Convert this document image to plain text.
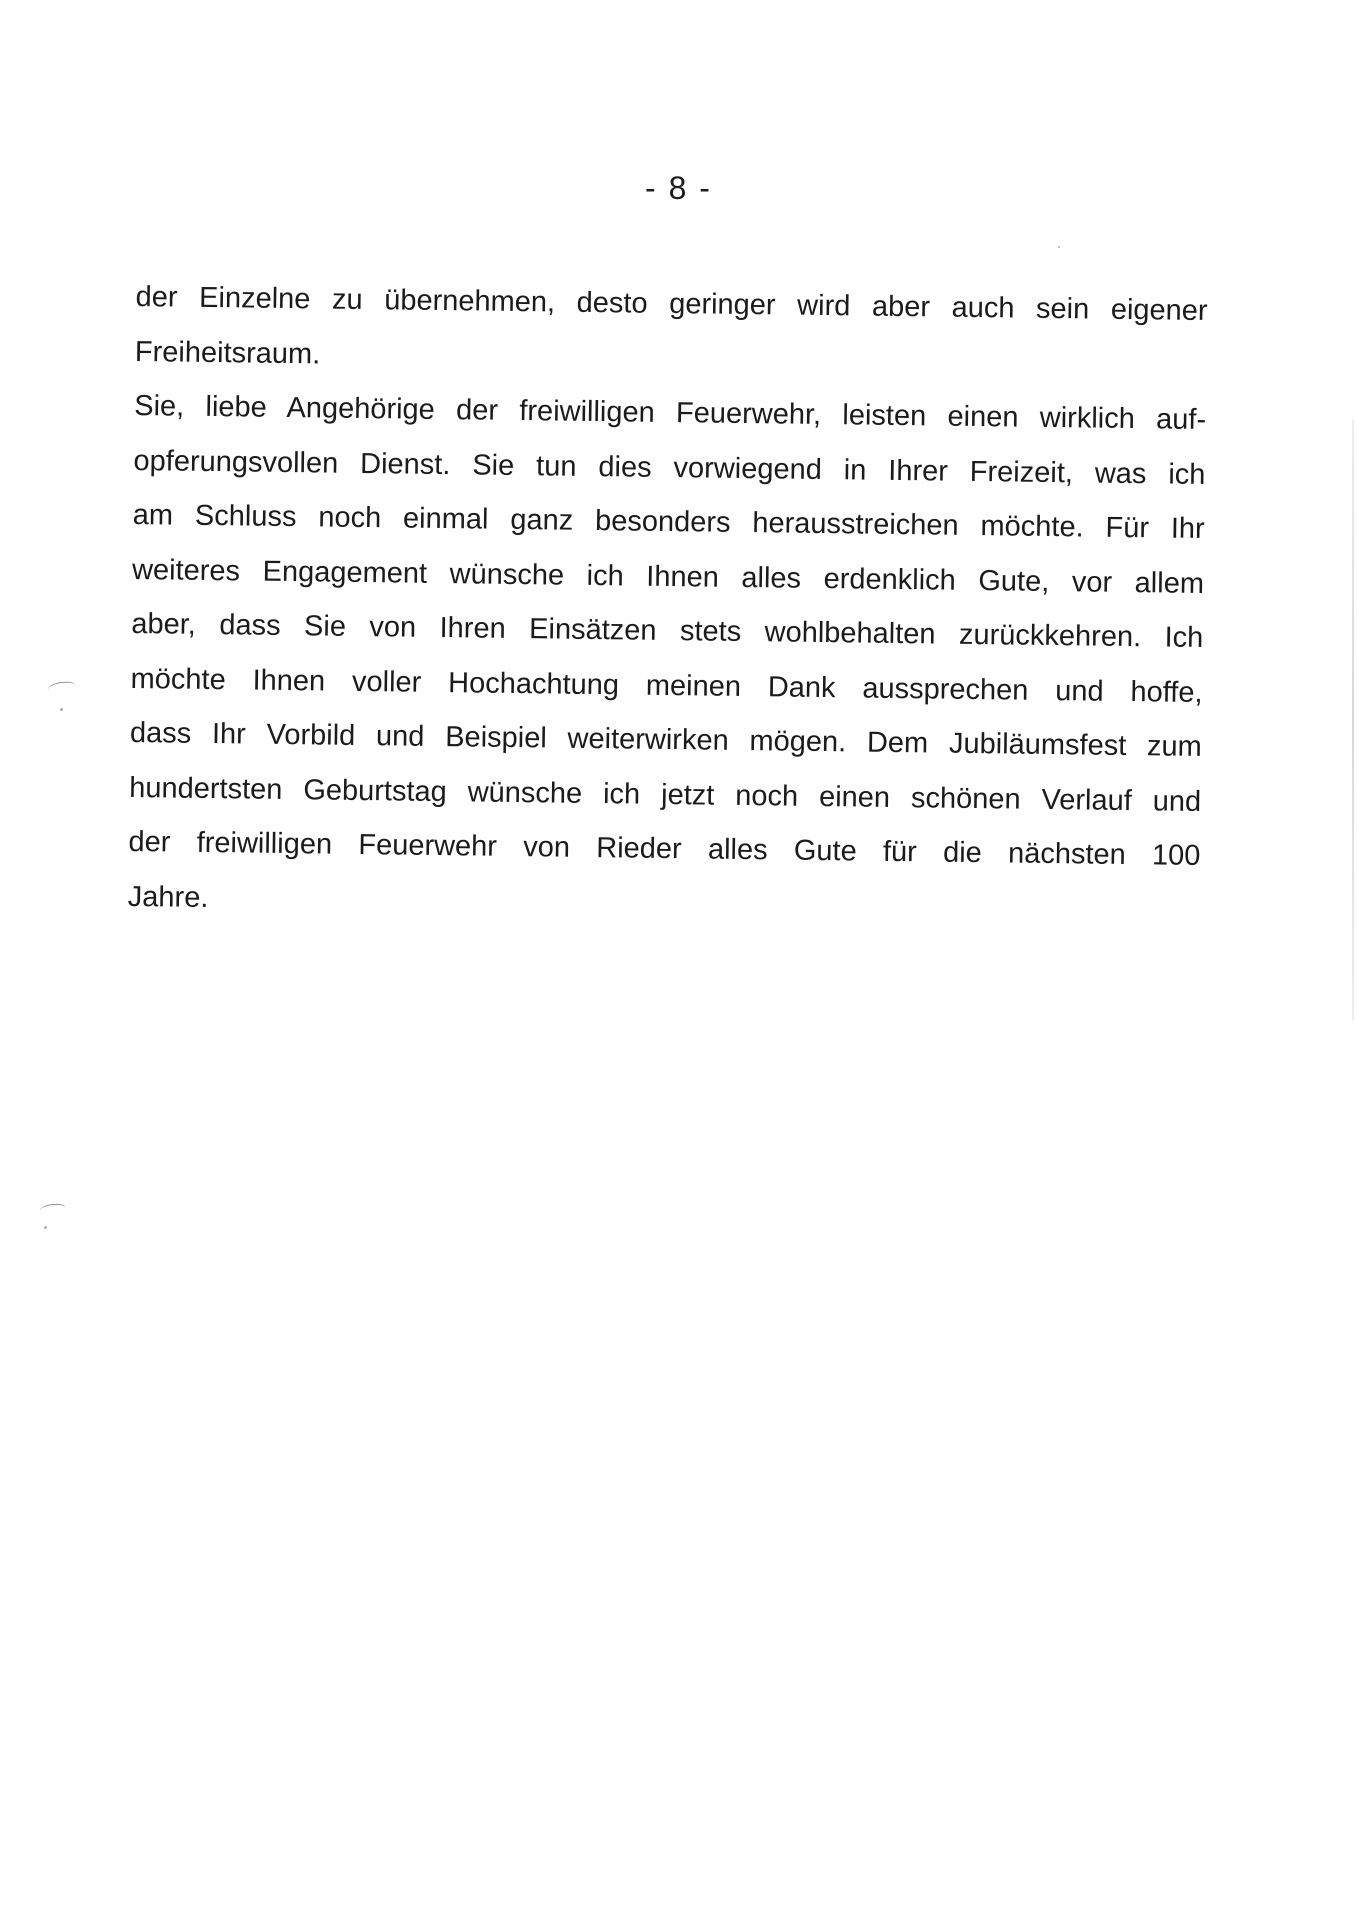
- 8 -
der Einzelne zu übernehmen, desto geringer wird aber auch sein eigener
Freiheitsraum.
Sie, liebe Angehörige der freiwilligen Feuerwehr, leisten einen wirklich auf-
opferungsvollen Dienst. Sie tun dies vorwiegend in Ihrer Freizeit, was ich
am Schluss noch einmal ganz besonders herausstreichen möchte. Für Ihr
weiteres Engagement wünsche ich Ihnen alles erdenklich Gute, vor allem
aber, dass Sie von Ihren Einsätzen stets wohlbehalten zurückkehren. Ich
möchte Ihnen voller Hochachtung meinen Dank aussprechen und hoffe,
dass Ihr Vorbild und Beispiel weiterwirken mögen. Dem Jubiläumsfest zum
hundertsten Geburtstag wünsche ich jetzt noch einen schönen Verlauf und
der freiwilligen Feuerwehr von Rieder alles Gute für die nächsten 100
Jahre.
